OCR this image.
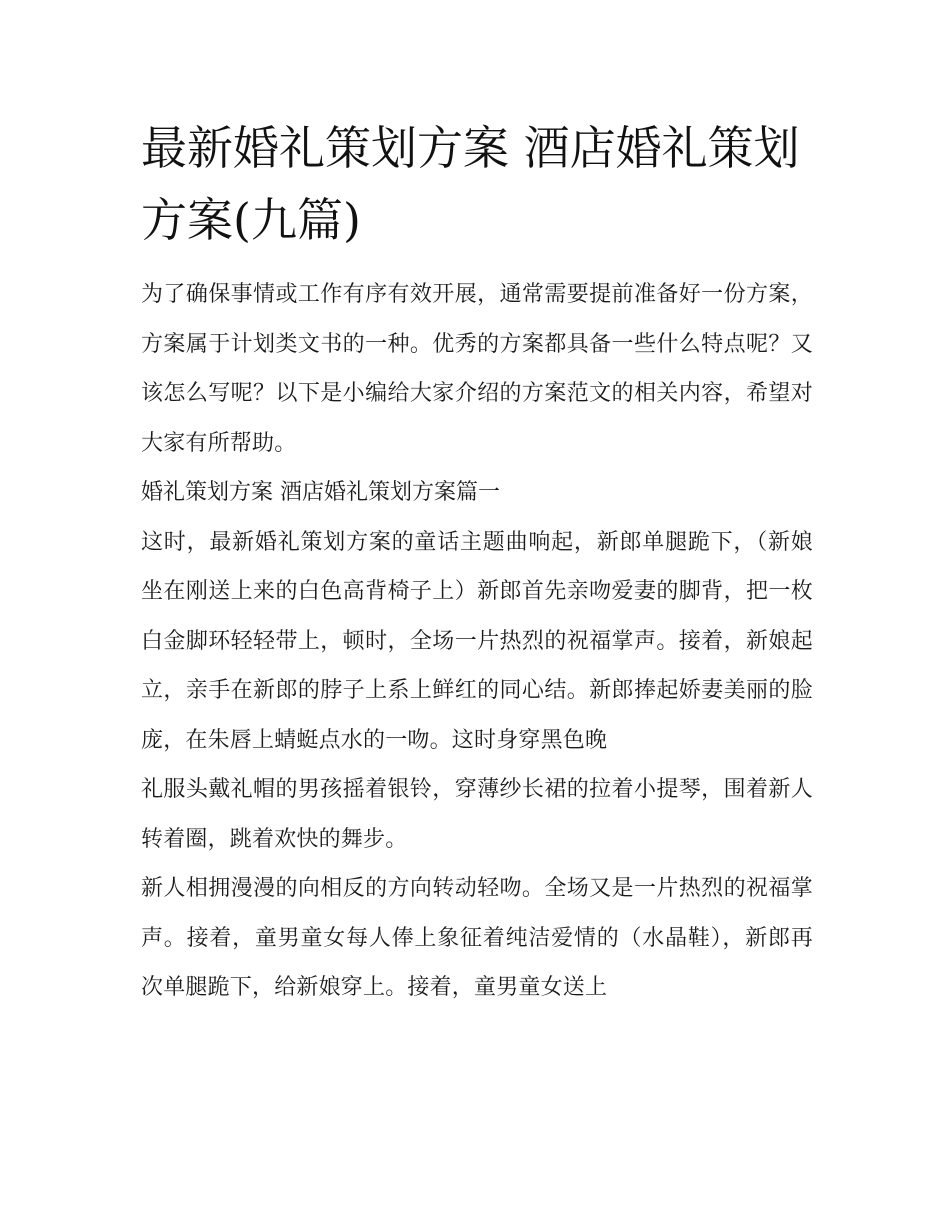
最新婚礼策划方案 酒店婚礼策划方案(九篇)

为了确保事情或工作有序有效开展，通常需要提前准备好一份方案，方案属于计划类文书的一种。优秀的方案都具备一些什么特点呢？又该怎么写呢？以下是小编给大家介绍的方案范文的相关内容，希望对大家有所帮助。

婚礼策划方案 酒店婚礼策划方案篇一

这时，最新婚礼策划方案的童话主题曲响起，新郎单腿跪下，（新娘坐在刚送上来的白色高背椅子上）新郎首先亲吻爱妻的脚背，把一枚白金脚环轻轻带上，顿时，全场一片热烈的祝福掌声。接着，新娘起立，亲手在新郎的脖子上系上鲜红的同心结。新郎捧起娇妻美丽的脸庞，在朱唇上蜻蜓点水的一吻。这时身穿黑色晚

礼服头戴礼帽的男孩摇着银铃，穿薄纱长裙的拉着小提琴，围着新人转着圈，跳着欢快的舞步。

新人相拥漫漫的向相反的方向转动轻吻。全场又是一片热烈的祝福掌声。接着，童男童女每人俸上象征着纯洁爱情的（水晶鞋），新郎再次单腿跪下，给新娘穿上。接着，童男童女送上
